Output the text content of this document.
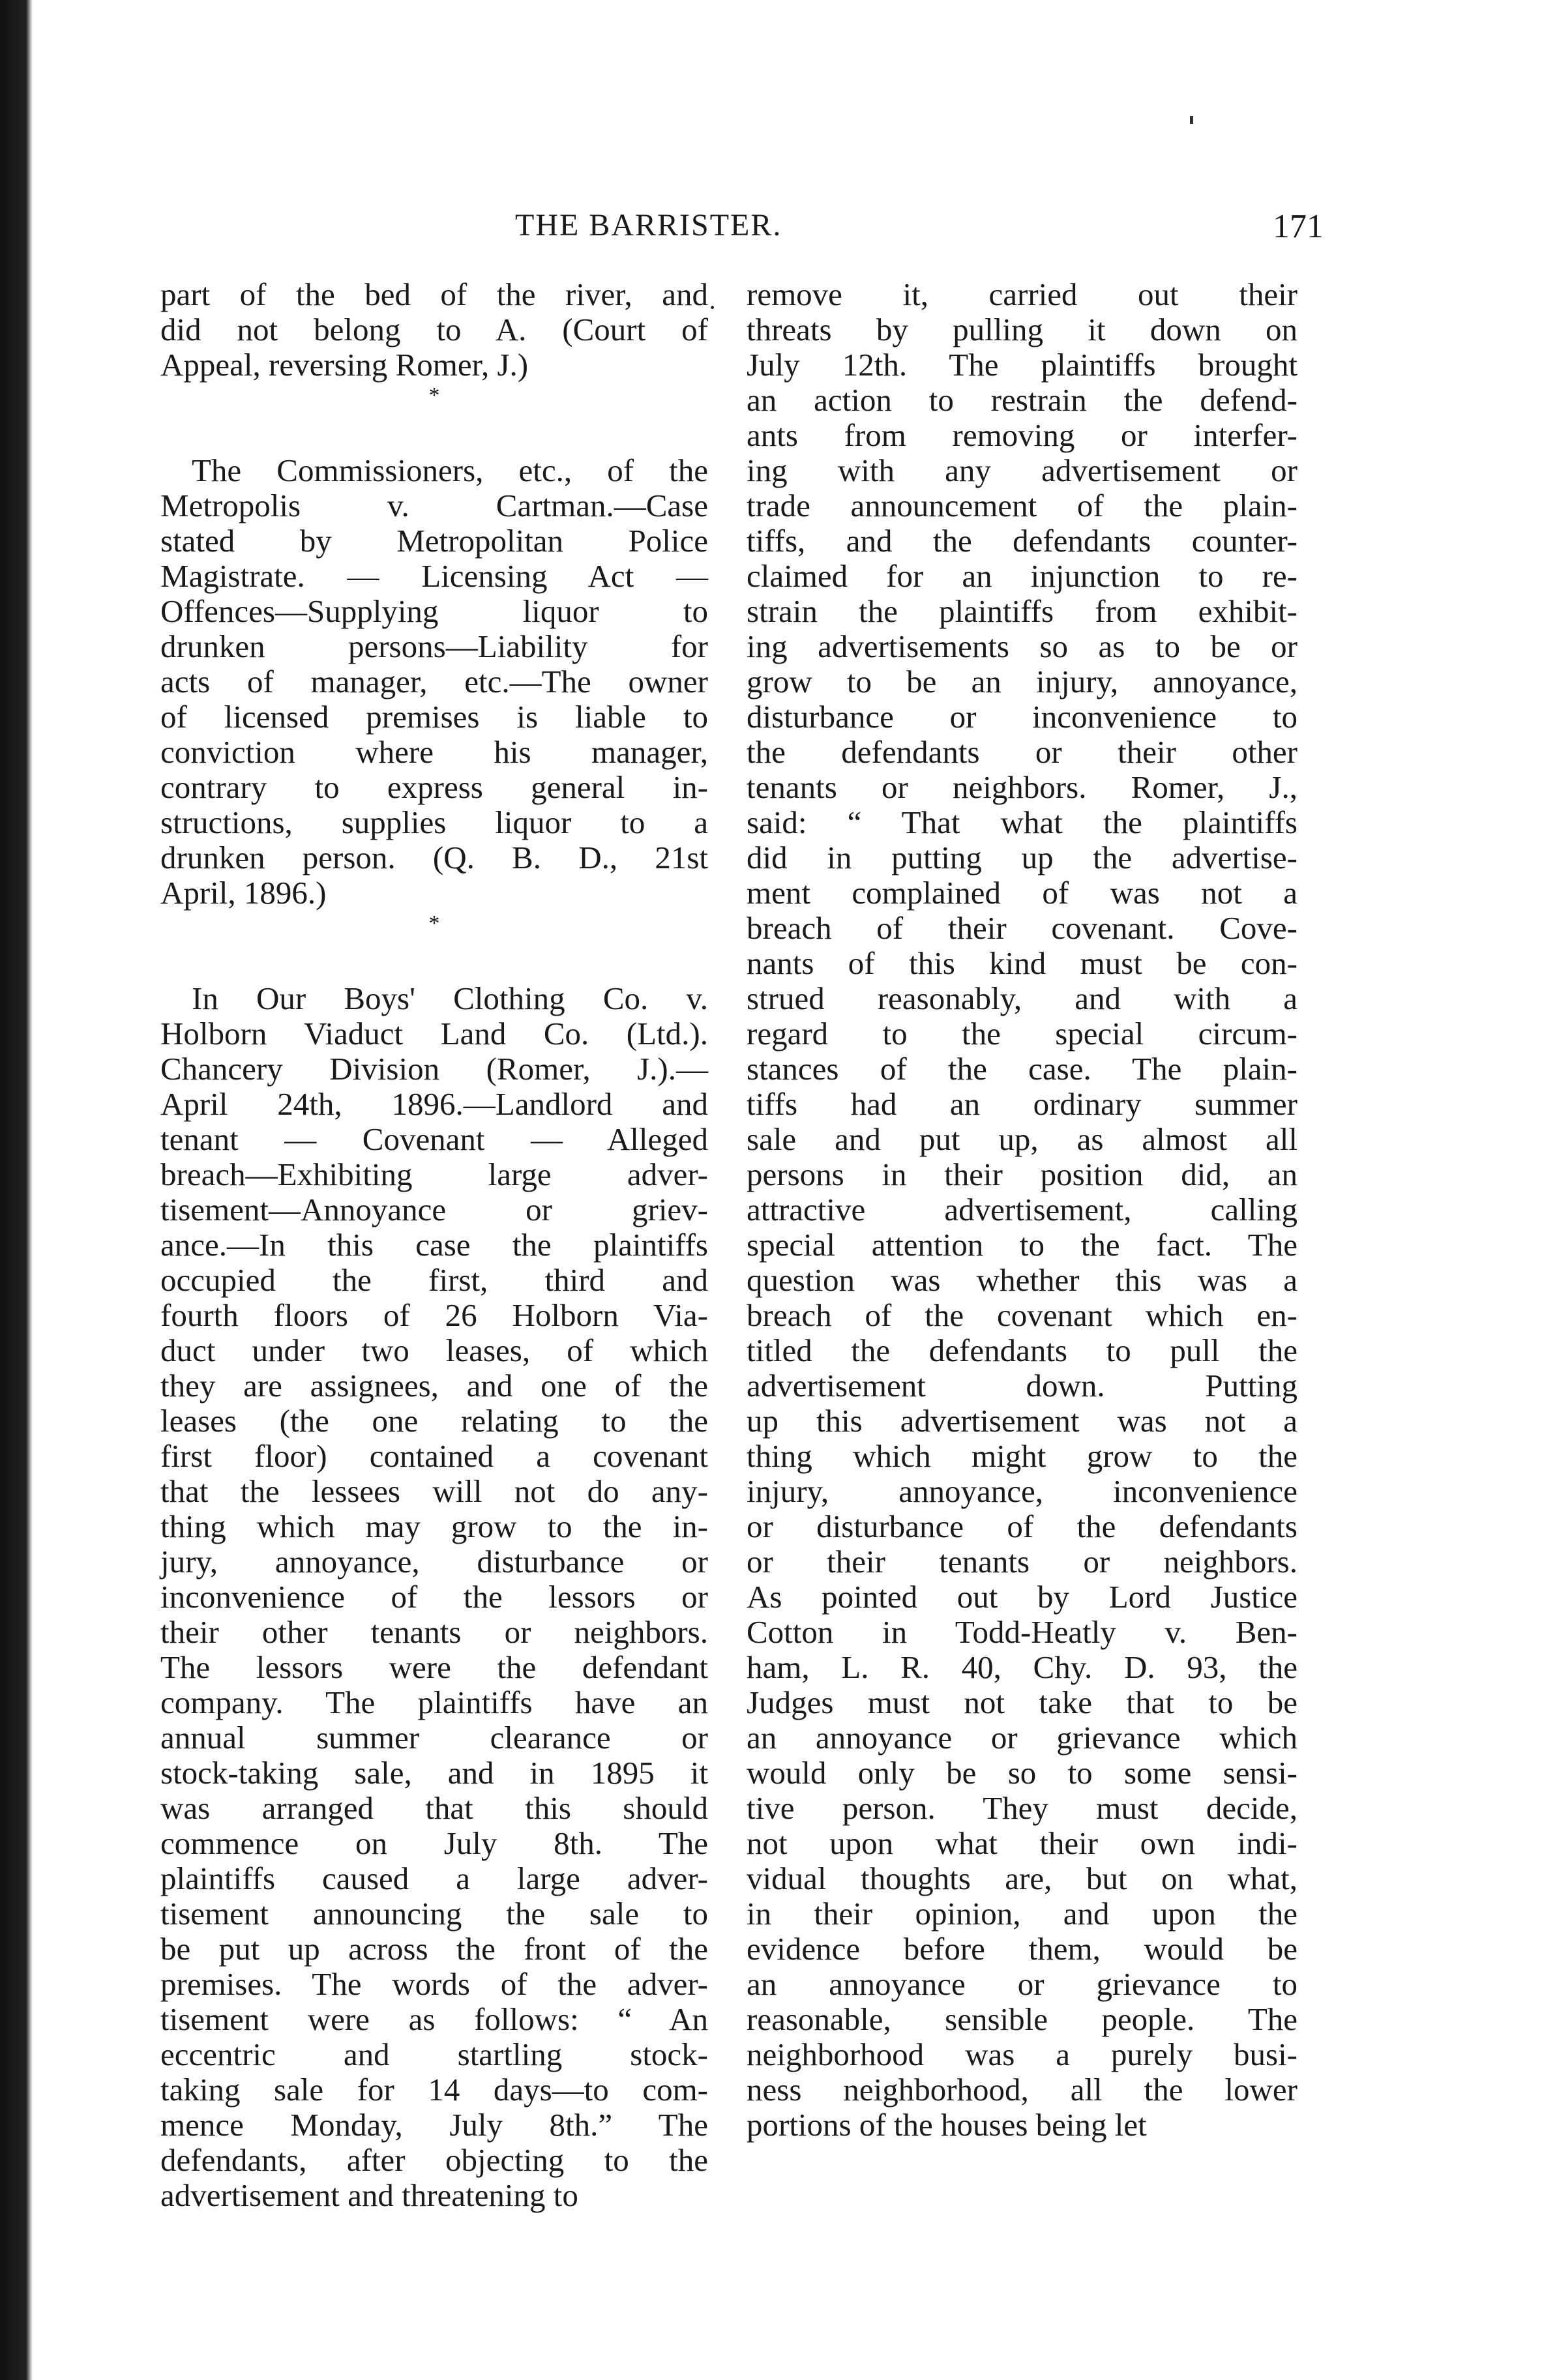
THE BARRISTER.	171
·
part of the bed of the river, and
did not belong to A. (Court of
Appeal, reversing Romer, J.)
*
The Commissioners, etc., of the
Metropolis v. Cartman.—Case
stated by Metropolitan Police
Magistrate. — Licensing Act —
Offences—Supplying liquor to
drunken persons—Liability for
acts of manager, etc.—The owner
of licensed premises is liable to
conviction where his manager,
contrary to express general in-
structions, supplies liquor to a
drunken person. (Q. B. D., 21st
April, 1896.)
*
In Our Boys' Clothing Co. v.
Holborn Viaduct Land Co. (Ltd.).
Chancery Division (Romer, J.).—
April 24th, 1896.—Landlord and
tenant — Covenant — Alleged
breach—Exhibiting large adver-
tisement—Annoyance or griev-
ance.—In this case the plaintiffs
occupied the first, third and
fourth floors of 26 Holborn Via-
duct under two leases, of which
they are assignees, and one of the
leases (the one relating to the
first floor) contained a covenant
that the lessees will not do any-
thing which may grow to the in-
jury, annoyance, disturbance or
inconvenience of the lessors or
their other tenants or neighbors.
The lessors were the defendant
company. The plaintiffs have an
annual summer clearance or
stock-taking sale, and in 1895 it
was arranged that this should
commence on July 8th. The
plaintiffs caused a large adver-
tisement announcing the sale to
be put up across the front of the
premises. The words of the adver-
tisement were as follows: “ An
eccentric and startling stock-
taking sale for 14 days—to com-
mence Monday, July 8th.” The
defendants, after objecting to the
advertisement and threatening to
remove it, carried out their
threats by pulling it down on
July 12th. The plaintiffs brought
an action to restrain the defend-
ants from removing or interfer-
ing with any advertisement or
trade announcement of the plain-
tiffs, and the defendants counter-
claimed for an injunction to re-
strain the plaintiffs from exhibit-
ing advertisements so as to be or
grow to be an injury, annoyance,
disturbance or inconvenience to
the defendants or their other
tenants or neighbors. Romer, J.,
said: “ That what the plaintiffs
did in putting up the advertise-
ment complained of was not a
breach of their covenant. Cove-
nants of this kind must be con-
strued reasonably, and with a
regard to the special circum-
stances of the case. The plain-
tiffs had an ordinary summer
sale and put up, as almost all
persons in their position did, an
attractive advertisement, calling
special attention to the fact. The
question was whether this was a
breach of the covenant which en-
titled the defendants to pull the
advertisement down. Putting
up this advertisement was not a
thing which might grow to the
injury, annoyance, inconvenience
or disturbance of the defendants
or their tenants or neighbors.
As pointed out by Lord Justice
Cotton in Todd-Heatly v. Ben-
ham, L. R. 40, Chy. D. 93, the
Judges must not take that to be
an annoyance or grievance which
would only be so to some sensi-
tive person. They must decide,
not upon what their own indi-
vidual thoughts are, but on what,
in their opinion, and upon the
evidence before them, would be
an annoyance or grievance to
reasonable, sensible people. The
neighborhood was a purely busi-
ness neighborhood, all the lower
portions of the houses being let
